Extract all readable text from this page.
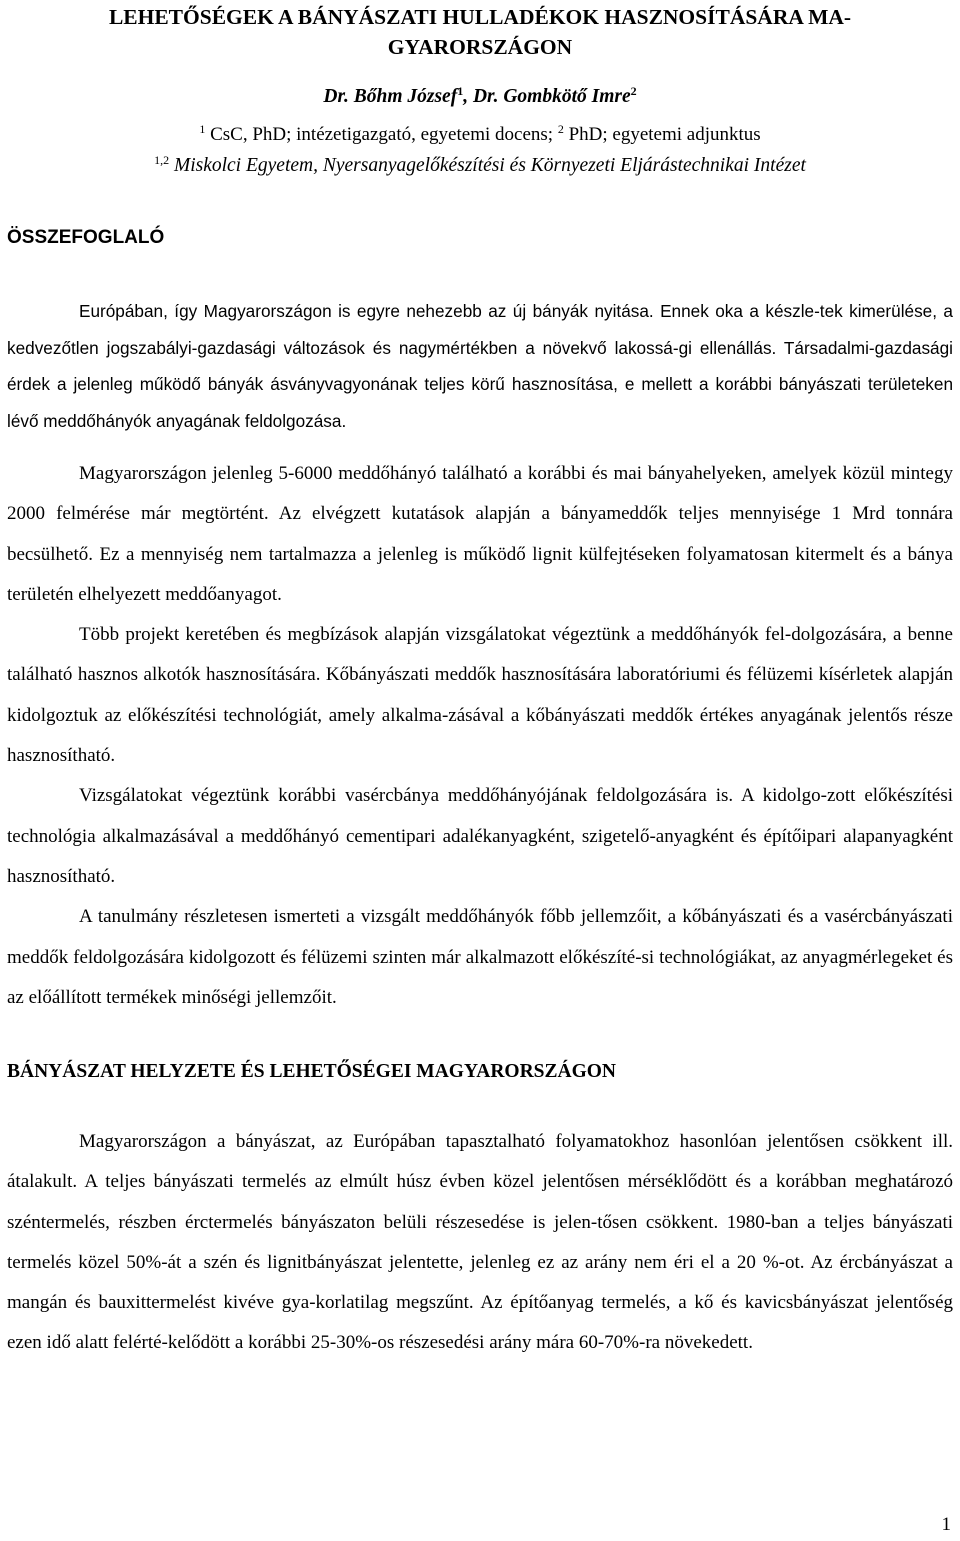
LEHETŐSÉGEK A BÁNYÁSZATI HULLADÉKOK HASZNOSÍTÁSÁRA MA-
GYARORSZÁGON
Dr. Bőhm József$^1$, Dr. Gombkötő Imre$^2$
$^1$ CsC, PhD; intézetigazgató, egyetemi docens; $^2$ PhD; egyetemi adjunktus
$^{1,2}$ Miskolci Egyetem, Nyersanyagelőkészítési és Környezeti Eljárástechnikai Intézet
ÖSSZEFOGLALÓ

Európában, így Magyarországon is egyre nehezebb az új bányák nyitása. Ennek oka a készle-tek kimerülése, a kedvezőtlen jogszabályi-gazdasági változások és nagymértékben a növekvő lakossá-gi ellenállás. Társadalmi-gazdasági érdek a jelenleg működő bányák ásványvagyonának teljes körű hasznosítása, e mellett a korábbi bányászati területeken lévő meddőhányók anyagának feldolgozása.

Magyarországon jelenleg 5-6000 meddőhányó található a korábbi és mai bányahelyeken, amelyek közül mintegy 2000 felmérése már megtörtént. Az elvégzett kutatások alapján a bányameddők teljes mennyisége 1 Mrd tonnára becsülhető. Ez a mennyiség nem tartalmazza a jelenleg is működő lignit külfejtéseken folyamatosan kitermelt és a bánya területén elhelyezett meddőanyagot.

Több projekt keretében és megbízások alapján vizsgálatokat végeztünk a meddőhányók fel-dolgozására, a benne található hasznos alkotók hasznosítására. Kőbányászati meddők hasznosítására laboratóriumi és félüzemi kísérletek alapján kidolgoztuk az előkészítési technológiát, amely alkalma-zásával a kőbányászati meddők értékes anyagának jelentős része hasznosítható.

Vizsgálatokat végeztünk korábbi vasércbánya meddőhányójának feldolgozására is. A kidolgo-zott előkészítési technológia alkalmazásával a meddőhányó cementipari adalékanyagként, szigetelő-anyagként és építőipari alapanyagként hasznosítható.

A tanulmány részletesen ismerteti a vizsgált meddőhányók főbb jellemzőit, a kőbányászati és a vasércbányászati meddők feldolgozására kidolgozott és félüzemi szinten már alkalmazott előkészíté-si technológiákat, az anyagmérlegeket és az előállított termékek minőségi jellemzőit.

BÁNYÁSZAT HELYZETE ÉS LEHETŐSÉGEI MAGYARORSZÁGON

Magyarországon a bányászat, az Európában tapasztalható folyamatokhoz hasonlóan jelentősen csökkent ill. átalakult. A teljes bányászati termelés az elmúlt húsz évben közel jelentősen mérséklődött és a korábban meghatározó széntermelés, részben érctermelés bányászaton belüli részesedése is jelen-tősen csökkent. 1980-ban a teljes bányászati termelés közel 50%-át a szén és lignitbányászat jelentette, jelenleg ez az arány nem éri el a 20 %-ot. Az ércbányászat a mangán és bauxittermelést kivéve gya-korlatilag megszűnt. Az építőanyag termelés, a kő és kavicsbányászat jelentőség ezen idő alatt felérté-kelődött a korábbi 25-30%-os részesedési arány mára 60-70%-ra növekedett.

1
